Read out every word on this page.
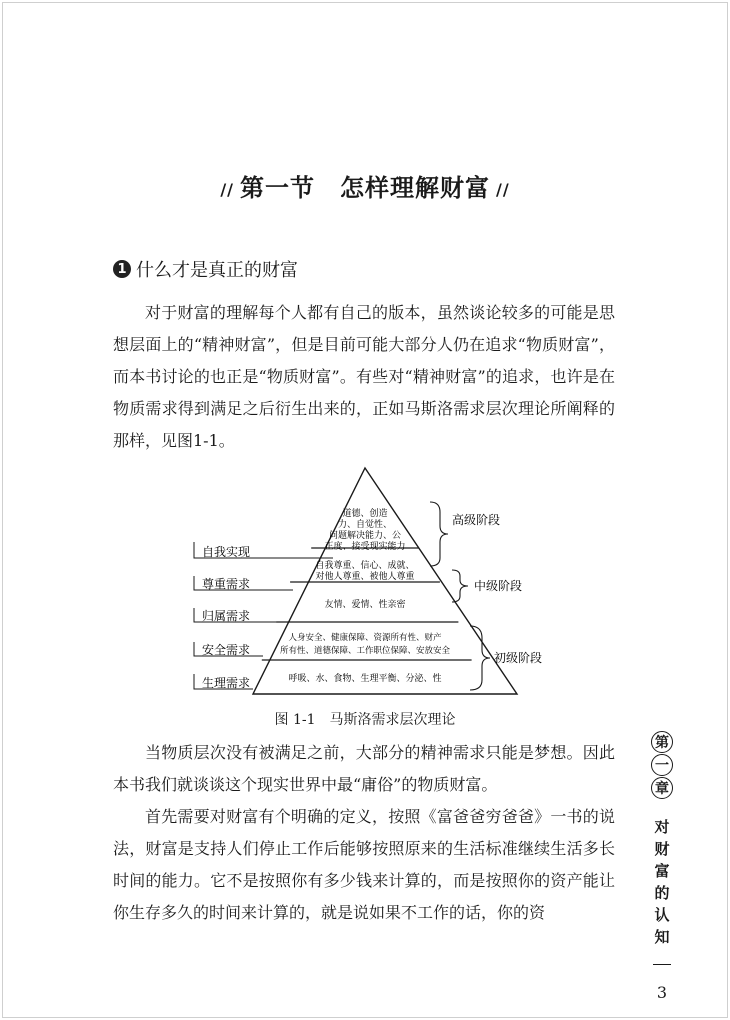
// 第一节　怎样理解财富 //
1 什么才是真正的财富

对于财富的理解每个人都有自己的版本，虽然谈论较多的可能是思想层面上的“精神财富”，但是目前可能大部分人仍在追求“物质财富”，而本书讨论的也正是“物质财富”。有些对“精神财富”的追求，也许是在物质需求得到满足之后衍生出来的，正如马斯洛需求层次理论所阐释的那样，见图1-1。

道德、创造
力、自觉性、
问题解决能力、公
正度、接受现实能力
自我尊重、信心、成就、
对他人尊重、被他人尊重
友情、爱情、性亲密
人身安全、健康保障、资源所有性、财产
所有性、道德保障、工作职位保障、安放安全
呼吸、水、食物、生理平衡、分泌、性
自我实现
尊重需求
归属需求
安全需求
生理需求
高级阶段
中级阶段
初级阶段
图 1-1 马斯洛需求层次理论

当物质层次没有被满足之前，大部分的精神需求只能是梦想。因此本书我们就谈谈这个现实世界中最“庸俗”的物质财富。

首先需要对财富有个明确的定义，按照《富爸爸穷爸爸》一书的说法，财富是支持人们停止工作后能够按照原来的生活标准继续生活多长时间的能力。它不是按照你有多少钱来计算的，而是按照你的资产能让你生存多久的时间来计算的，就是说如果不工作的话，你的资

第
一
章
对财富的认知
3
